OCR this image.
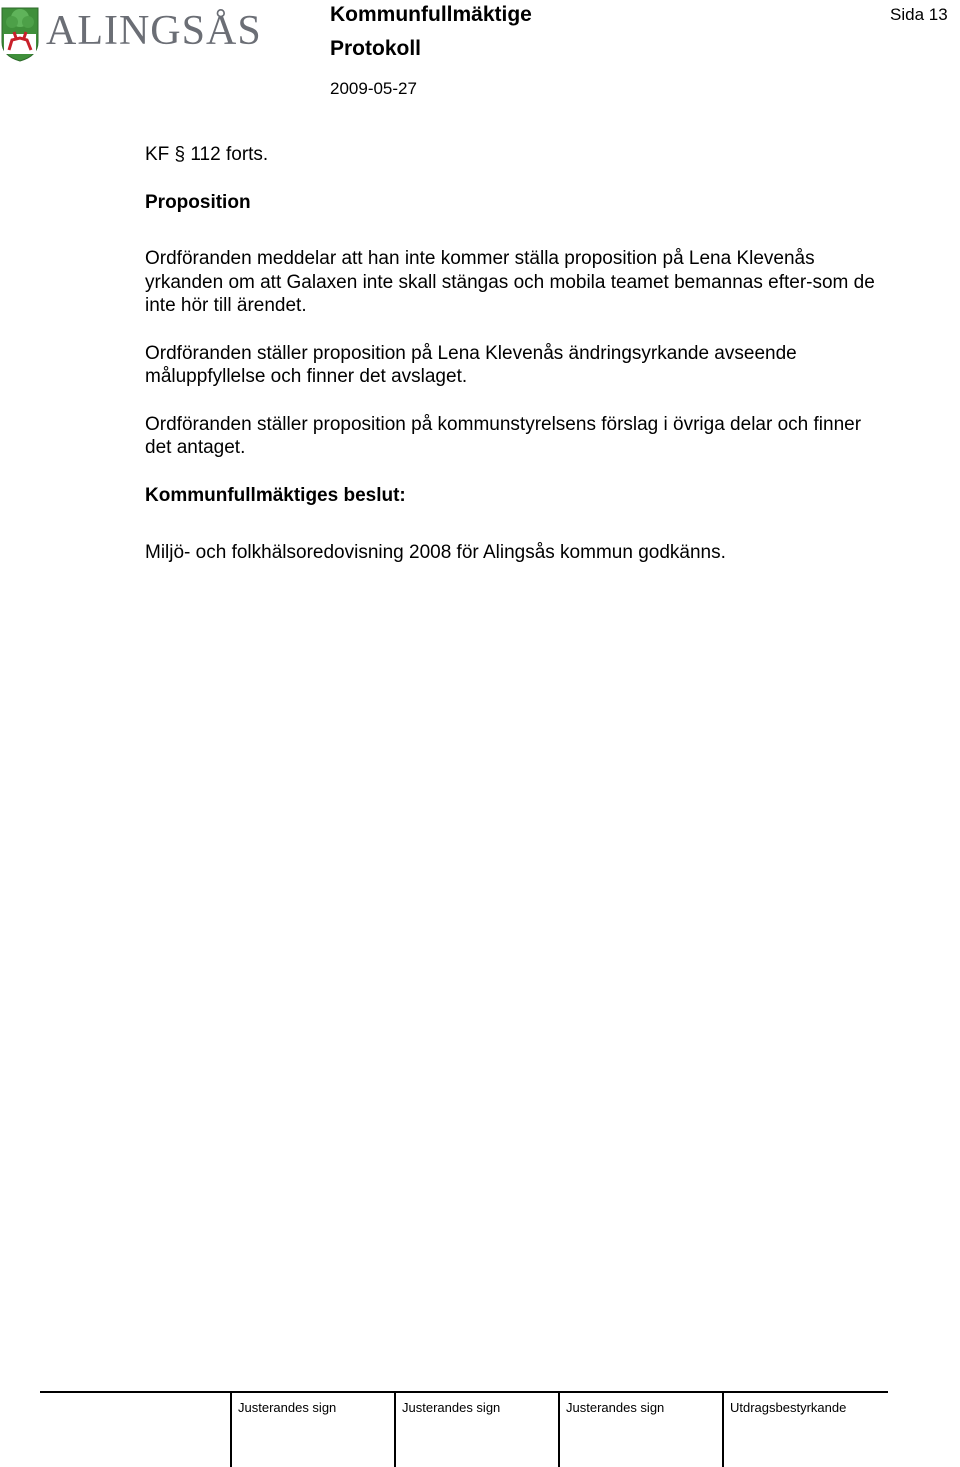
ALINGSÅS	Kommunfullmäktige
Protokoll
2009-05-27
Sida 13

KF § 112 forts.

Proposition

Ordföranden meddelar att han inte kommer ställa proposition på Lena Klevenås yrkanden om att Galaxen inte skall stängas och mobila teamet bemannas efter-som de inte hör till ärendet.

Ordföranden ställer proposition på Lena Klevenås ändringsyrkande avseende måluppfyllelse och finner det avslaget.

Ordföranden ställer proposition på kommunstyrelsens förslag i övriga delar och finner det antaget.

Kommunfullmäktiges beslut:

Miljö- och folkhälsoredovisning 2008 för Alingsås kommun godkänns.

Justerandes sign	Justerandes sign	Justerandes sign	Utdragsbestyrkande
